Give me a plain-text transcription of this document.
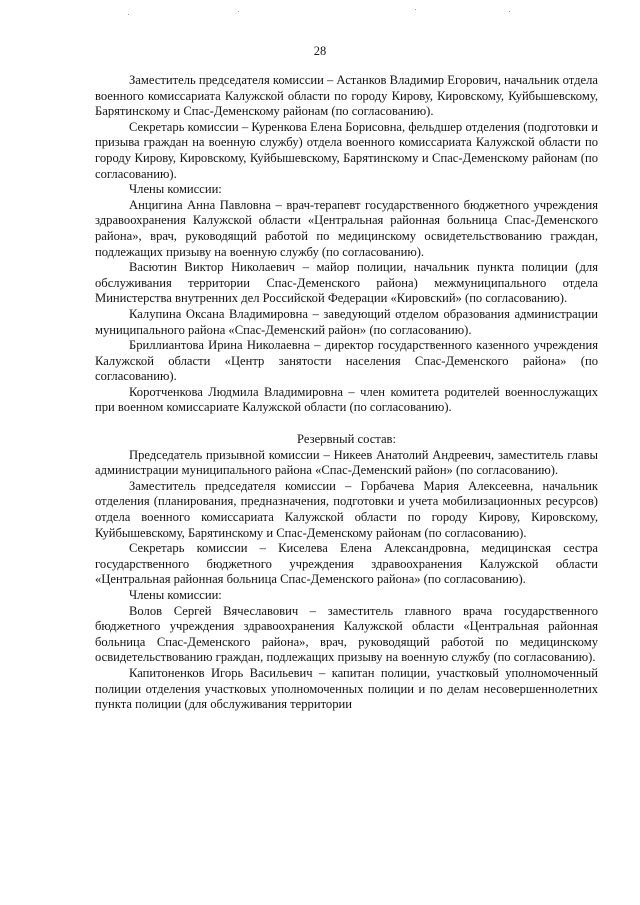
28

Заместитель председателя комиссии – Астанков Владимир Егорович, начальник отдела военного комиссариата Калужской области по городу Кирову, Кировскому, Куйбышевскому, Барятинскому и Спас-Деменскому районам (по согласованию).

Секретарь комиссии – Куренкова Елена Борисовна, фельдшер отделения (подготовки и призыва граждан на военную службу) отдела военного комиссариата Калужской области по городу Кирову, Кировскому, Куйбышевскому, Барятинскому и Спас-Деменскому районам (по согласованию).

Члены комиссии:

Анцигина Анна Павловна – врач-терапевт государственного бюджетного учреждения здравоохранения Калужской области «Центральная районная больница Спас-Деменского района», врач, руководящий работой по медицинскому освидетельствованию граждан, подлежащих призыву на военную службу (по согласованию).

Васютин Виктор Николаевич – майор полиции, начальник пункта полиции (для обслуживания территории Спас-Деменского района) межмуниципального отдела Министерства внутренних дел Российской Федерации «Кировский» (по согласованию).

Калупина Оксана Владимировна – заведующий отделом образования администрации муниципального района «Спас-Деменский район» (по согласованию).

Бриллиантова Ирина Николаевна – директор государственного казенного учреждения Калужской области «Центр занятости населения Спас-Деменского района» (по согласованию).

Коротченкова Людмила Владимировна – член комитета родителей военнослужащих при военном комиссариате Калужской области (по согласованию).

Резервный состав:

Председатель призывной комиссии – Никеев Анатолий Андреевич, заместитель главы администрации муниципального района «Спас-Деменский район» (по согласованию).

Заместитель председателя комиссии – Горбачева Мария Алексеевна, начальник отделения (планирования, предназначения, подготовки и учета мобилизационных ресурсов) отдела военного комиссариата Калужской области по городу Кирову, Кировскому, Куйбышевскому, Барятинскому и Спас-Деменскому районам (по согласованию).

Секретарь комиссии – Киселева Елена Александровна, медицинская сестра государственного бюджетного учреждения здравоохранения Калужской области «Центральная районная больница Спас-Деменского района» (по согласованию).

Члены комиссии:

Волов Сергей Вячеславович – заместитель главного врача государственного бюджетного учреждения здравоохранения Калужской области «Центральная районная больница Спас-Деменского района», врач, руководящий работой по медицинскому освидетельствованию граждан, подлежащих призыву на военную службу (по согласованию).

Капитоненков Игорь Васильевич – капитан полиции, участковый уполномоченный полиции отделения участковых уполномоченных полиции и по делам несовершеннолетних пункта полиции (для обслуживания территории
